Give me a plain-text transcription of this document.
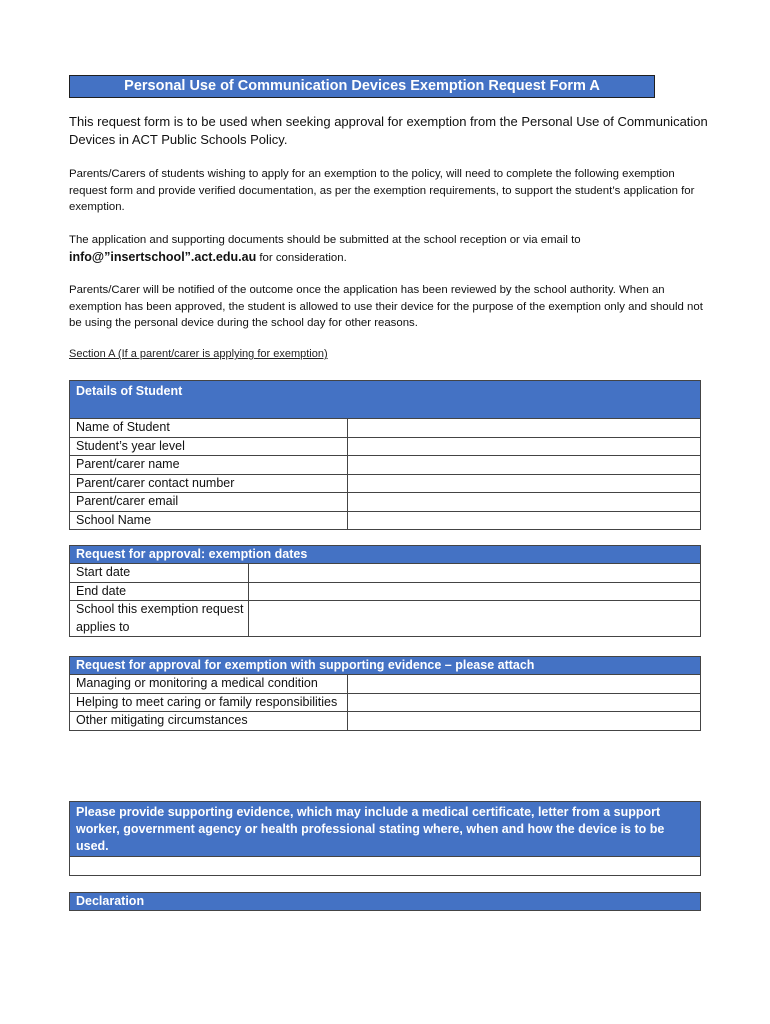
Personal Use of Communication Devices Exemption Request Form A

This request form is to be used when seeking approval for exemption from the Personal Use of Communication Devices in ACT Public Schools Policy.

Parents/Carers of students wishing to apply for an exemption to the policy, will need to complete the following exemption request form and provide verified documentation, as per the exemption requirements, to support the student’s application for exemption.

The application and supporting documents should be submitted at the school reception or via email to
info@”insertschool”.act.edu.au for consideration.

Parents/Carer will be notified of the outcome once the application has been reviewed by the school authority. When an exemption has been approved, the student is allowed to use their device for the purpose of the exemption only and should not be using the personal device during the school day for other reasons.

Section A (If a parent/carer is applying for exemption)
Details of Student	
Name of Student	
Student’s year level	
Parent/carer name	
Parent/carer contact number	
Parent/carer email	
School Name	
Request for approval: exemption dates	
Start date	
End date	
School this exemption request applies to	
Request for approval for exemption with supporting evidence – please attach	
Managing or monitoring a medical condition	
Helping to meet caring or family responsibilities	
Other mitigating circumstances	
Please provide supporting evidence, which may include a medical certificate, letter from a support worker, government agency or health professional stating where, when and how the device is to be used.

Declaration
